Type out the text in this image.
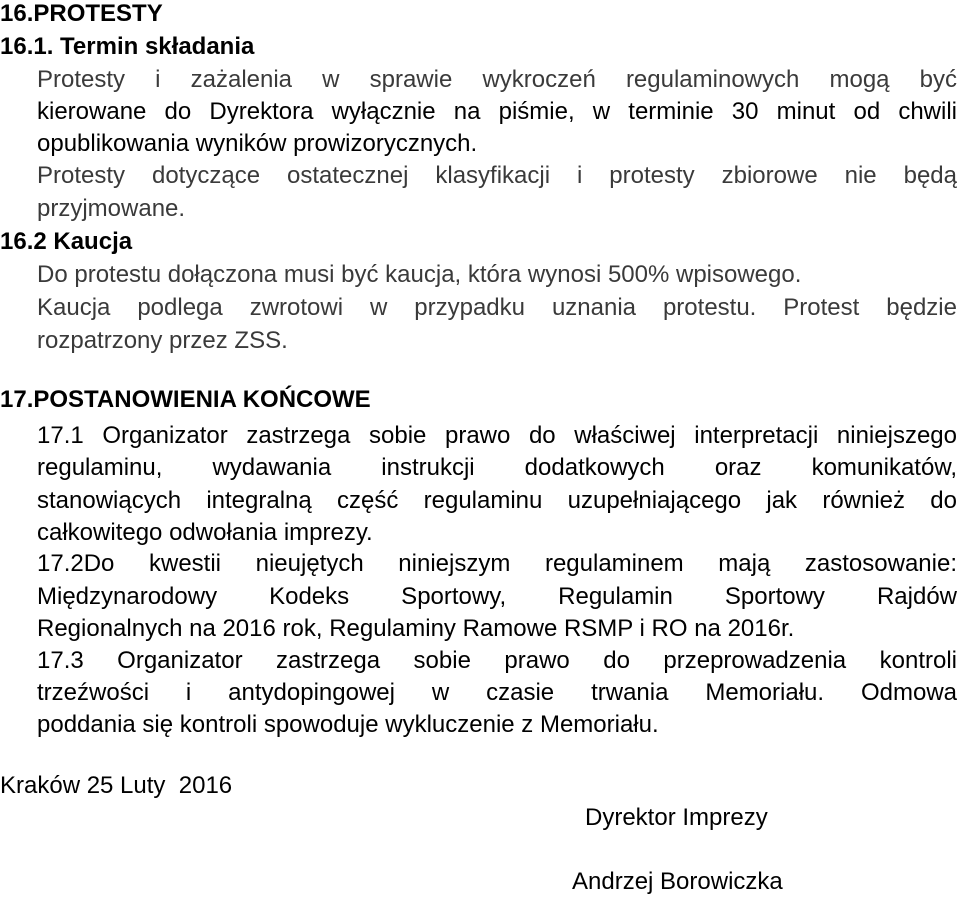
16.PROTESTY
16.1. Termin składania
Protesty i zażalenia w sprawie wykroczeń regulaminowych mogą być
kierowane do Dyrektora wyłącznie na piśmie, w terminie 30 minut od chwili
opublikowania wyników prowizorycznych.
Protesty dotyczące ostatecznej klasyfikacji i protesty zbiorowe nie będą
przyjmowane.
16.2 Kaucja
Do protestu dołączona musi być kaucja, która wynosi 500% wpisowego.
Kaucja podlega zwrotowi w przypadku uznania protestu. Protest będzie
rozpatrzony przez ZSS.
17.POSTANOWIENIA KOŃCOWE
17.1 Organizator zastrzega sobie prawo do właściwej interpretacji niniejszego
regulaminu, wydawania instrukcji dodatkowych oraz komunikatów,
stanowiących integralną część regulaminu uzupełniającego jak również do
całkowitego odwołania imprezy.
17.2Do kwestii nieujętych niniejszym regulaminem mają zastosowanie:
Międzynarodowy Kodeks Sportowy, Regulamin Sportowy Rajdów
Regionalnych na 2016 rok, Regulaminy Ramowe RSMP i RO na 2016r.
17.3 Organizator zastrzega sobie prawo do przeprowadzenia kontroli
trzeźwości i antydopingowej w czasie trwania Memoriału. Odmowa
poddania się kontroli spowoduje wykluczenie z Memoriału.
Kraków 25 Luty  2016
Dyrektor Imprezy
Andrzej Borowiczka
